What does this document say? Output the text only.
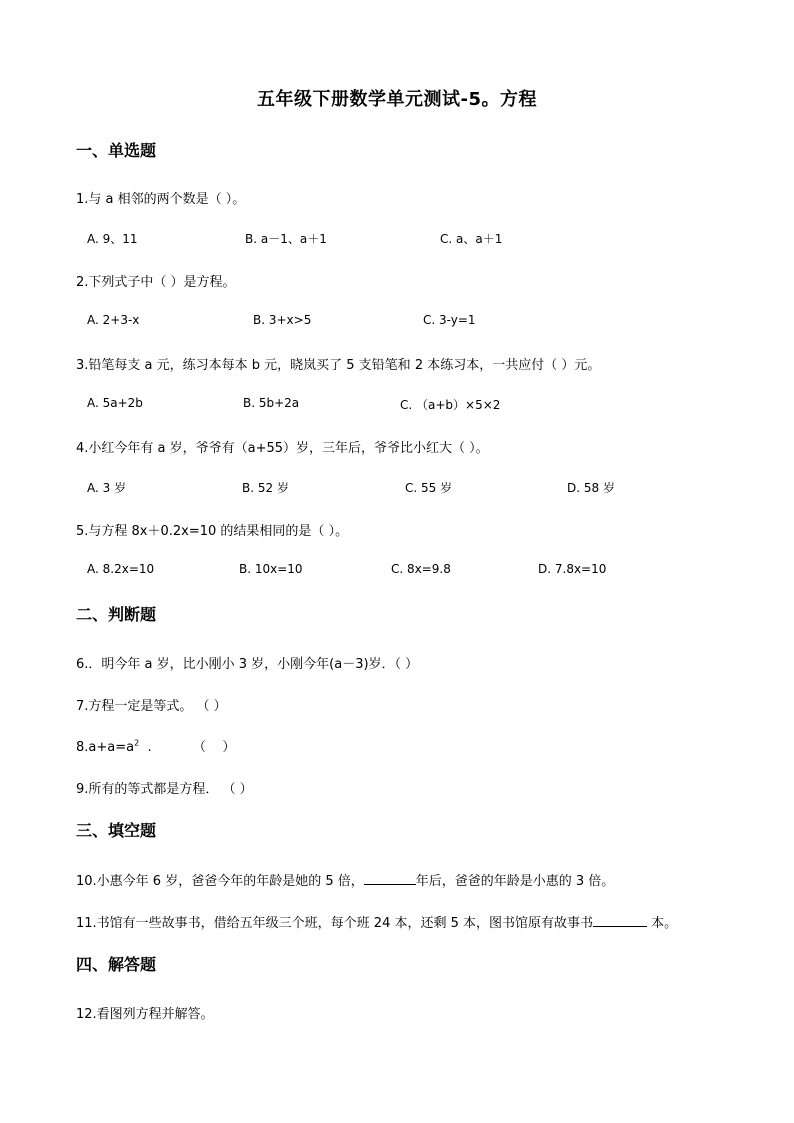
五年级下册数学单元测试-5。方程
一、单选题
1.与 a 相邻的两个数是（ ）。
A. 9、11	B. a－1、a＋1	C. a、a＋1
2.下列式子中（ ）是方程。
A. 2+3-x	B. 3+x>5	C. 3-y=1
3.铅笔每支 a 元，练习本每本 b 元，晓岚买了 5 支铅笔和 2 本练习本，一共应付（ ）元。
A. 5a+2b	B. 5b+2a	C. （a+b）×5×2
4.小红今年有 a 岁，爷爷有（a+55）岁，三年后，爷爷比小红大（ ）。
A. 3 岁	B. 52 岁	C. 55 岁	D. 58 岁
5.与方程 8x＋0.2x=10 的结果相同的是（ ）。
A. 8.2x=10	B. 10x=10	C. 8x=9.8	D. 7.8x=10
二、判断题
6.．明今年 a 岁，比小刚小 3 岁，小刚今年(a－3)岁．（ ）
7.方程一定是等式。 （ ）
$8.a+a=a^2$  .          （    ）
9.所有的等式都是方程． （ ）
三、填空题
10.小惠今年 6 岁，爸爸今年的年龄是她的 5 倍，	年后，爸爸的年龄是小惠的 3 倍。
11.书馆有一些故事书，借给五年级三个班，每个班 24 本，还剩 5 本，图书馆原有故事书	本。
四、解答题
12.看图列方程并解答。
